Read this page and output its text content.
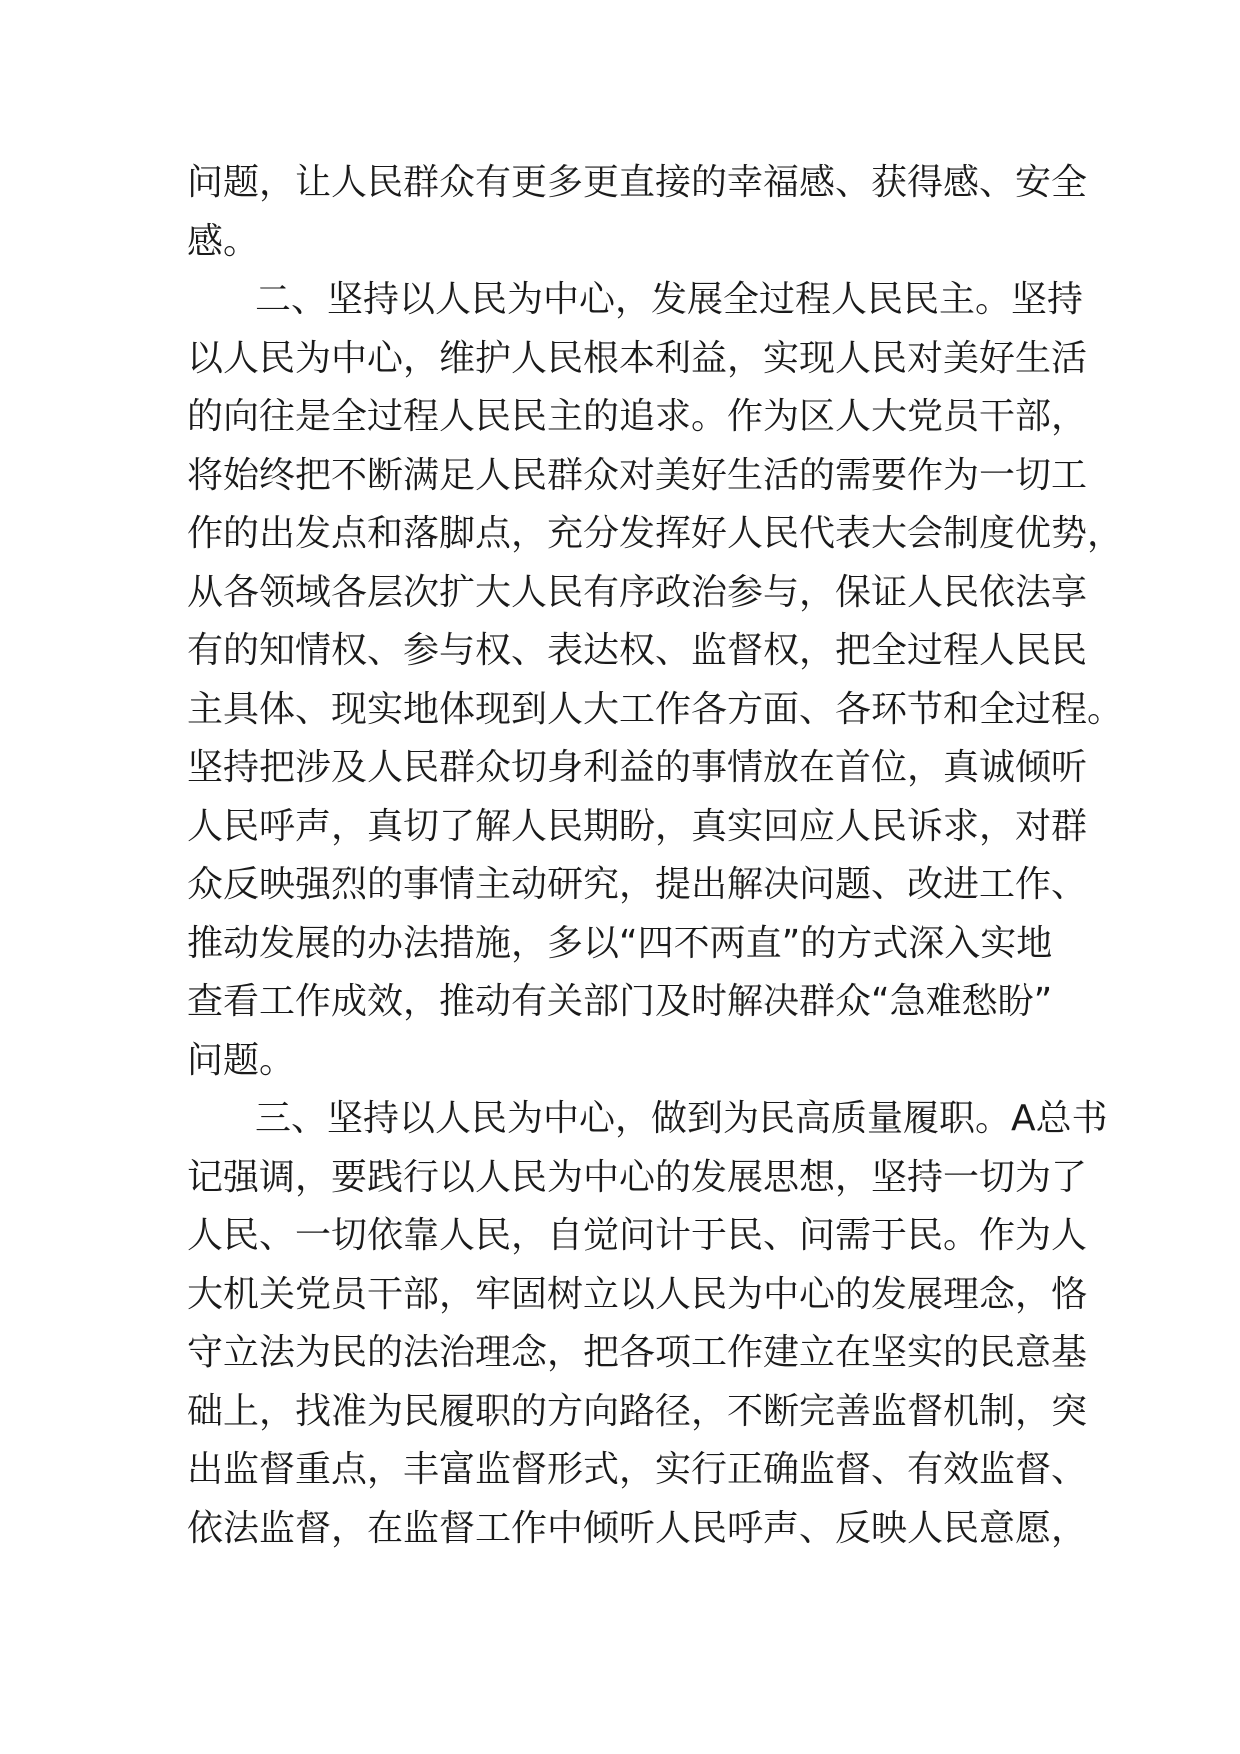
问题，让人民群众有更多更直接的幸福感、获得感、安全
感。
二、坚持以人民为中心，发展全过程人民民主。坚持
以人民为中心，维护人民根本利益，实现人民对美好生活
的向往是全过程人民民主的追求。作为区人大党员干部，
将始终把不断满足人民群众对美好生活的需要作为一切工
作的出发点和落脚点，充分发挥好人民代表大会制度优势，
从各领域各层次扩大人民有序政治参与，保证人民依法享
有的知情权、参与权、表达权、监督权，把全过程人民民
主具体、现实地体现到人大工作各方面、各环节和全过程。
坚持把涉及人民群众切身利益的事情放在首位，真诚倾听
人民呼声，真切了解人民期盼，真实回应人民诉求，对群
众反映强烈的事情主动研究，提出解决问题、改进工作、
推动发展的办法措施，多以“四不两直”的方式深入实地
查看工作成效，推动有关部门及时解决群众“急难愁盼”
问题。
三、坚持以人民为中心，做到为民高质量履职。A总书
记强调，要践行以人民为中心的发展思想，坚持一切为了
人民、一切依靠人民，自觉问计于民、问需于民。作为人
大机关党员干部，牢固树立以人民为中心的发展理念，恪
守立法为民的法治理念，把各项工作建立在坚实的民意基
础上，找准为民履职的方向路径，不断完善监督机制，突
出监督重点，丰富监督形式，实行正确监督、有效监督、
依法监督，在监督工作中倾听人民呼声、反映人民意愿，
